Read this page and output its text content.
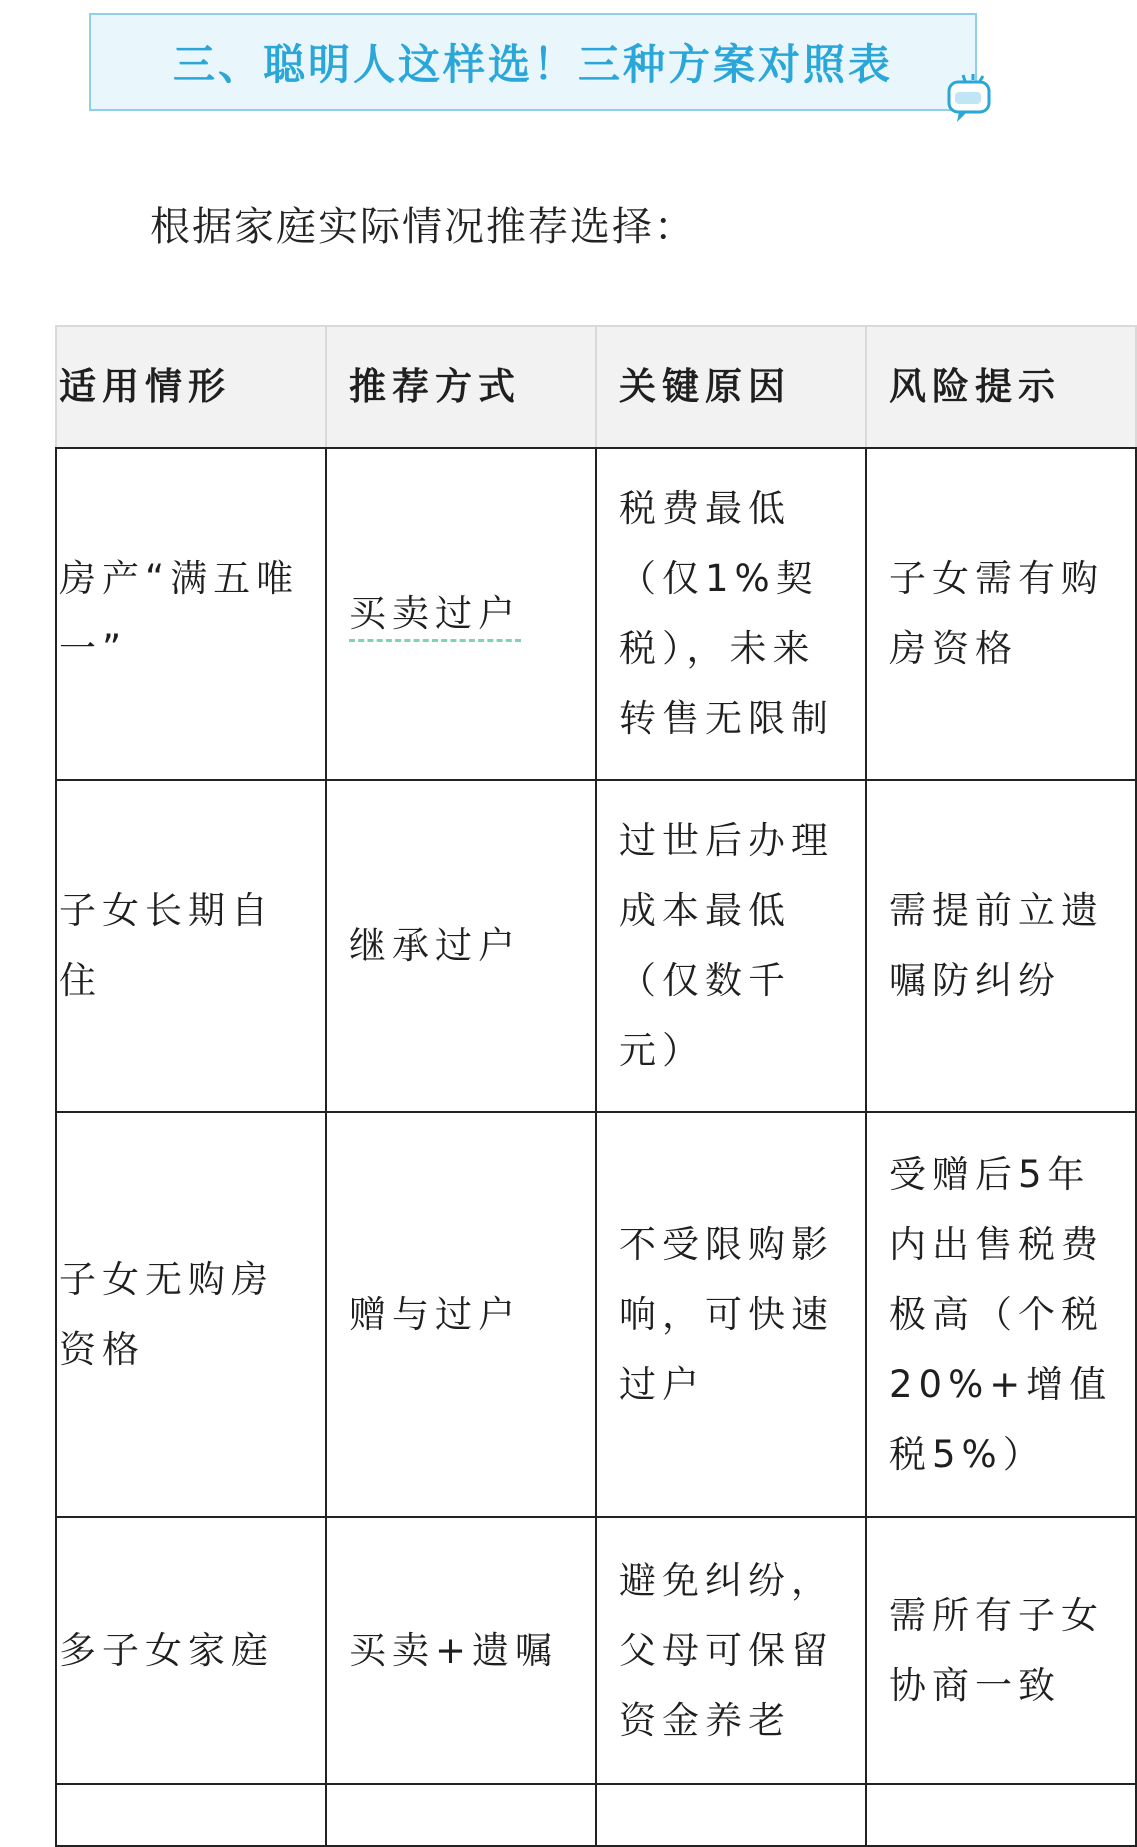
三、聪明人这样选！三种方案对照表
根据家庭实际情况推荐选择：
适用情形	推荐方式	关键原因	风险提示
房产“满五唯一”	买卖过户	税费最低（仅1%契税），未来转售无限制	子女需有购房资格
子女长期自住	继承过户	过世后办理成本最低（仅数千元）	需提前立遗嘱防纠纷
子女无购房资格	赠与过户	不受限购影响，可快速过户	受赠后5年内出售税费极高（个税20%+增值税5%）
多子女家庭	买卖+遗嘱	避免纠纷，父母可保留资金养老	需所有子女协商一致
